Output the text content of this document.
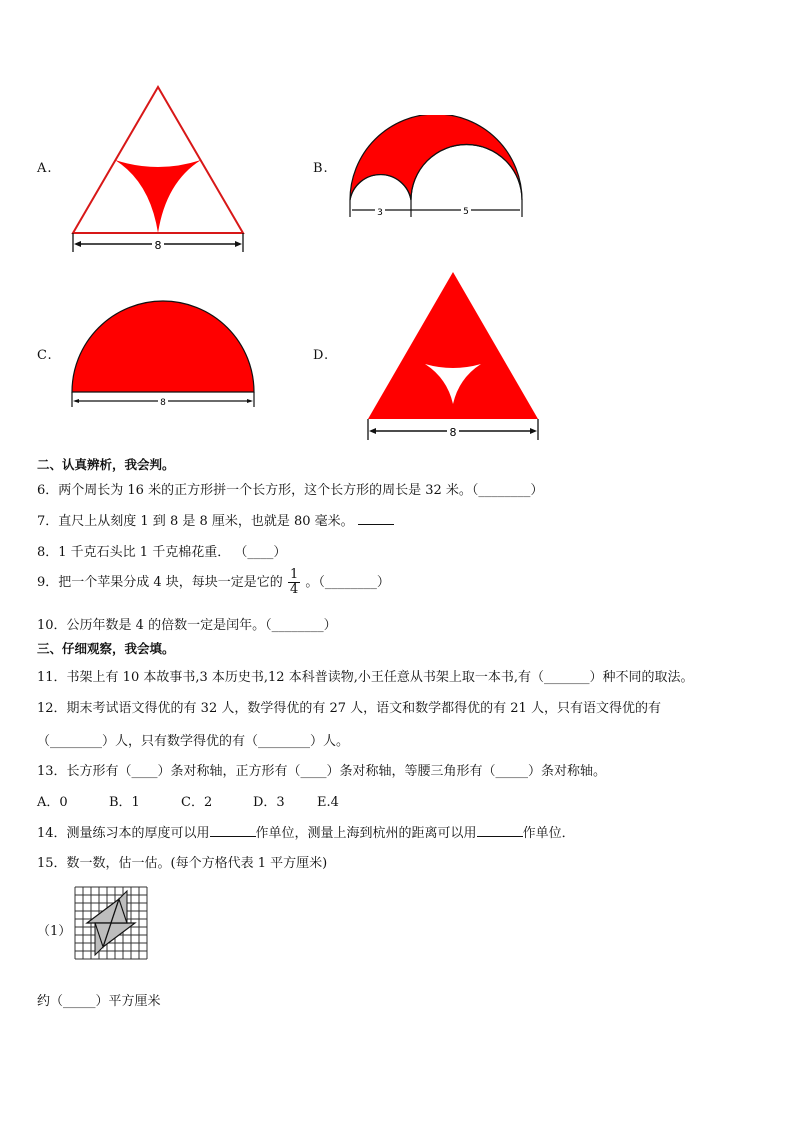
A.
8
B.
3	5
C.
8
D.
8
二、认真辨析，我会判。
6．两个周长为 16 米的正方形拼一个长方形，这个长方形的周长是 32 米。（________）
7．直尺上从刻度 1 到 8 是 8 厘米，也就是 80 毫米。
8．1 千克石头比 1 千克棉花重． （____）
9．把一个苹果分成 4 块，每块一定是它的 $\frac{1}{4}$ 。（________）
10．公历年数是 4 的倍数一定是闰年。（________）
三、仔细观察，我会填。
11．书架上有 10 本故事书,3 本历史书,12 本科普读物,小王任意从书架上取一本书,有（_______）种不同的取法。
12．期末考试语文得优的有 32 人，数学得优的有 27 人，语文和数学都得优的有 21 人，只有语文得优的有
（________）人，只有数学得优的有（________）人。
13．长方形有（____）条对称轴，正方形有（____）条对称轴，等腰三角形有（_____）条对称轴。
A．0	B．1	C．2	D．3 E.4
14．测量练习本的厚度可以用	作单位，测量上海到杭州的距离可以用	作单位．
15．数一数，估一估。(每个方格代表 1 平方厘米)
（1）
约（_____）平方厘米
